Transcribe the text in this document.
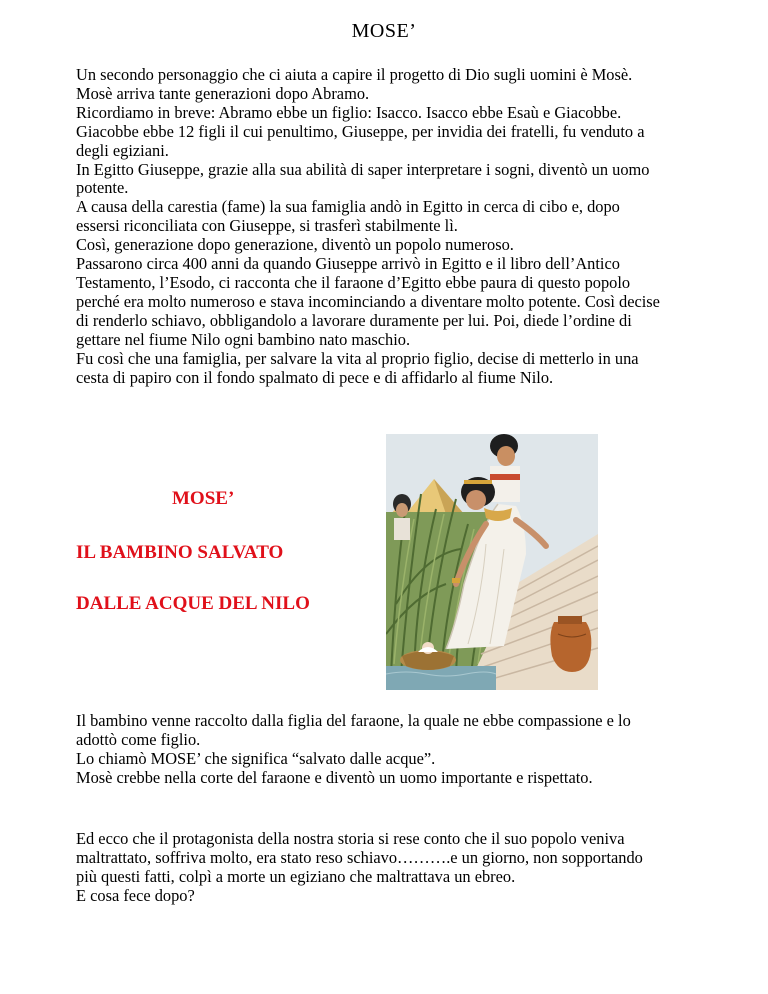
MOSE’

Un secondo personaggio che ci aiuta a capire il progetto di Dio sugli uomini è Mosè.

Mosè arriva tante generazioni dopo Abramo.

Ricordiamo in breve: Abramo ebbe un figlio: Isacco. Isacco ebbe Esaù e Giacobbe.

Giacobbe ebbe 12 figli il cui penultimo, Giuseppe, per invidia dei fratelli, fu venduto a

degli egiziani.

In Egitto Giuseppe, grazie alla sua abilità di saper interpretare i sogni, diventò un uomo

potente.

A causa della carestia (fame) la sua famiglia andò in Egitto in cerca di cibo e, dopo

essersi riconciliata con Giuseppe, si trasferì stabilmente lì.

Così, generazione dopo generazione, diventò un popolo numeroso.

Passarono circa 400 anni da quando Giuseppe arrivò in Egitto e il libro dell’Antico

Testamento, l’Esodo, ci racconta che il faraone d’Egitto ebbe paura di questo popolo

perché era molto numeroso e stava incominciando a diventare molto potente. Così decise

di renderlo schiavo, obbligandolo a lavorare duramente per lui. Poi, diede l’ordine di

gettare nel fiume Nilo ogni bambino nato maschio.

Fu così che una famiglia, per salvare la vita al proprio figlio, decise di metterlo in una

cesta di papiro con il fondo spalmato di pece e di affidarlo al fiume Nilo.

MOSE’
IL BAMBINO SALVATO
DALLE ACQUE DEL NILO

Il bambino venne raccolto dalla figlia del faraone, la quale ne ebbe compassione e lo

adottò come figlio.

Lo chiamò MOSE’ che significa “salvato dalle acque”.

Mosè crebbe nella corte del faraone e diventò un uomo importante e rispettato.

Ed ecco che il protagonista della nostra storia si rese conto che il suo popolo veniva

maltrattato, soffriva molto, era stato reso schiavo……….e un giorno, non sopportando

più questi fatti, colpì a morte un egiziano che maltrattava un ebreo.

E cosa fece dopo?
